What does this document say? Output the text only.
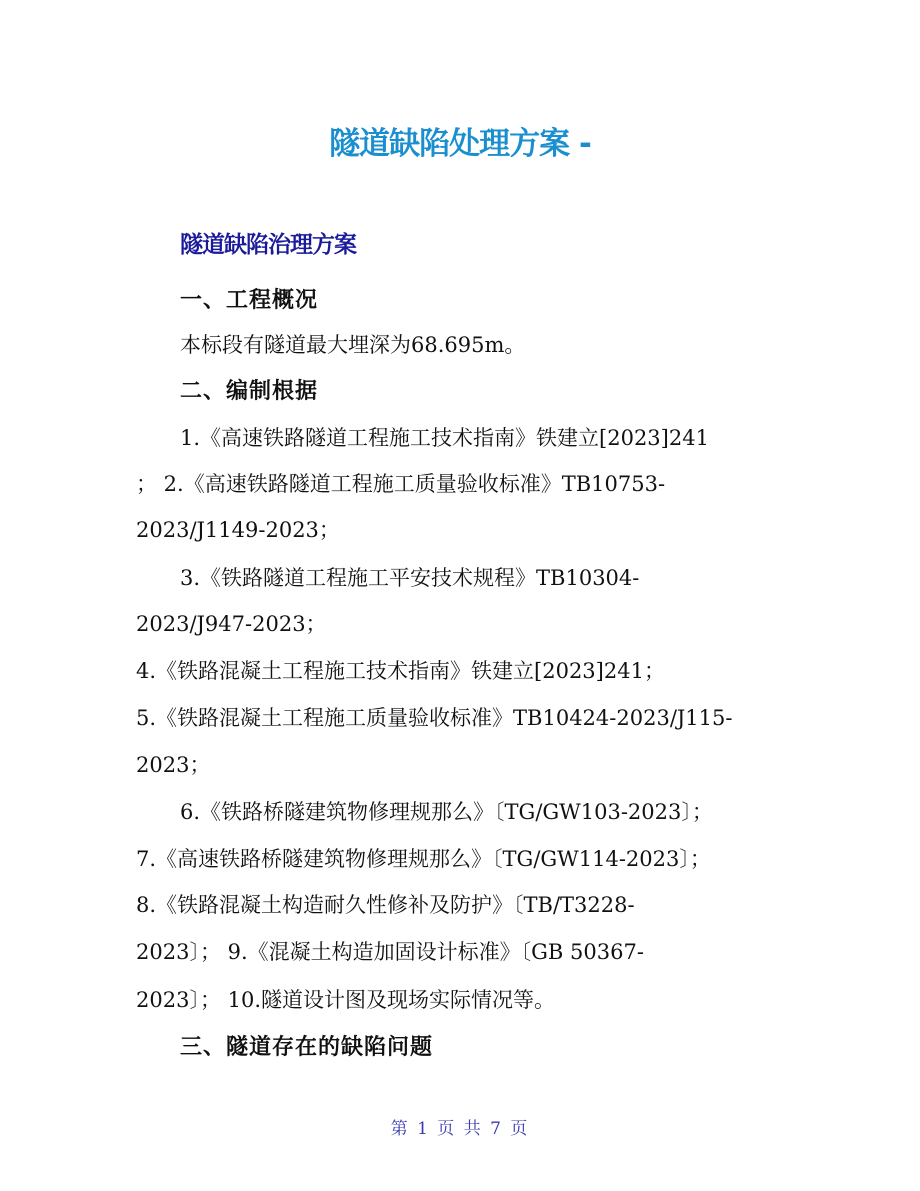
隧道缺陷处理方案 -
隧道缺陷治理方案
一、工程概况
本标段有隧道最大埋深为68.695m。
二、编制根据
1.《高速铁路隧道工程施工技术指南》铁建立[2023]241
； 2.《高速铁路隧道工程施工质量验收标准》TB10753-
2023/J1149-2023；
3.《铁路隧道工程施工平安技术规程》TB10304-
2023/J947-2023；
4.《铁路混凝土工程施工技术指南》铁建立[2023]241；
5.《铁路混凝土工程施工质量验收标准》TB10424-2023/J115-
2023；
6.《铁路桥隧建筑物修理规那么》〔TG/GW103-2023〕；
7.《高速铁路桥隧建筑物修理规那么》〔TG/GW114-2023〕；
8.《铁路混凝土构造耐久性修补及防护》〔TB/T3228-
2023〕； 9.《混凝土构造加固设计标准》〔GB 50367-
2023〕； 10.隧道设计图及现场实际情况等。
三、隧道存在的缺陷问题
第 1 页 共 7 页
